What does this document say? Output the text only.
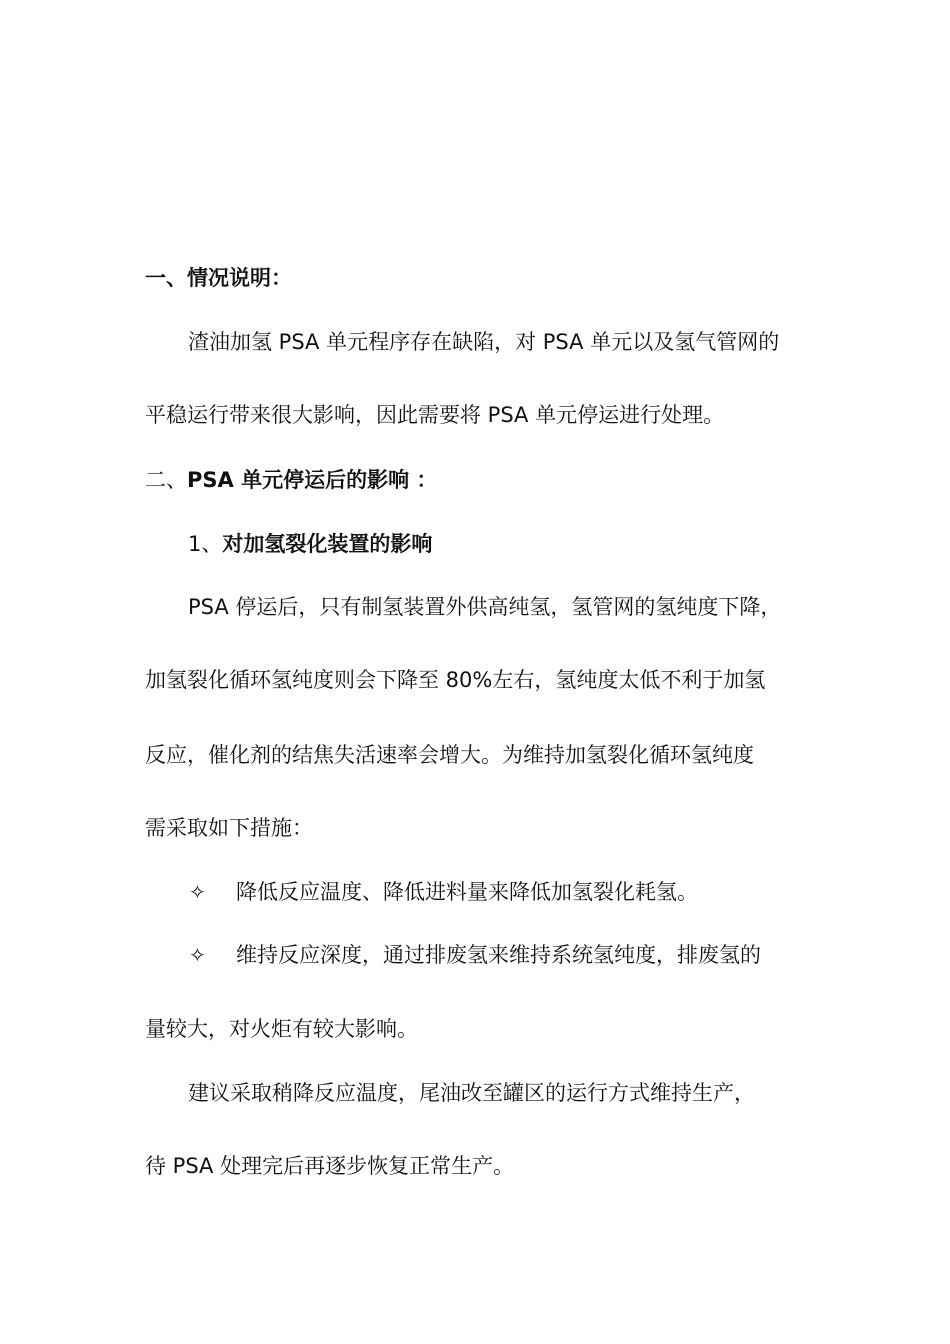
一、情况说明：
渣油加氢 PSA 单元程序存在缺陷，对 PSA 单元以及氢气管网的
平稳运行带来很大影响，因此需要将 PSA 单元停运进行处理。
二、PSA 单元停运后的影响 ：
1、对加氢裂化装置的影响
PSA 停运后，只有制氢装置外供高纯氢，氢管网的氢纯度下降，
加氢裂化循环氢纯度则会下降至 80%左右，氢纯度太低不利于加氢
反应，催化剂的结焦失活速率会增大。为维持加氢裂化循环氢纯度
需采取如下措施：
✧ 降低反应温度、降低进料量来降低加氢裂化耗氢。
✧ 维持反应深度，通过排废氢来维持系统氢纯度，排废氢的
量较大，对火炬有较大影响。
建议采取稍降反应温度，尾油改至罐区的运行方式维持生产，
待 PSA 处理完后再逐步恢复正常生产。
